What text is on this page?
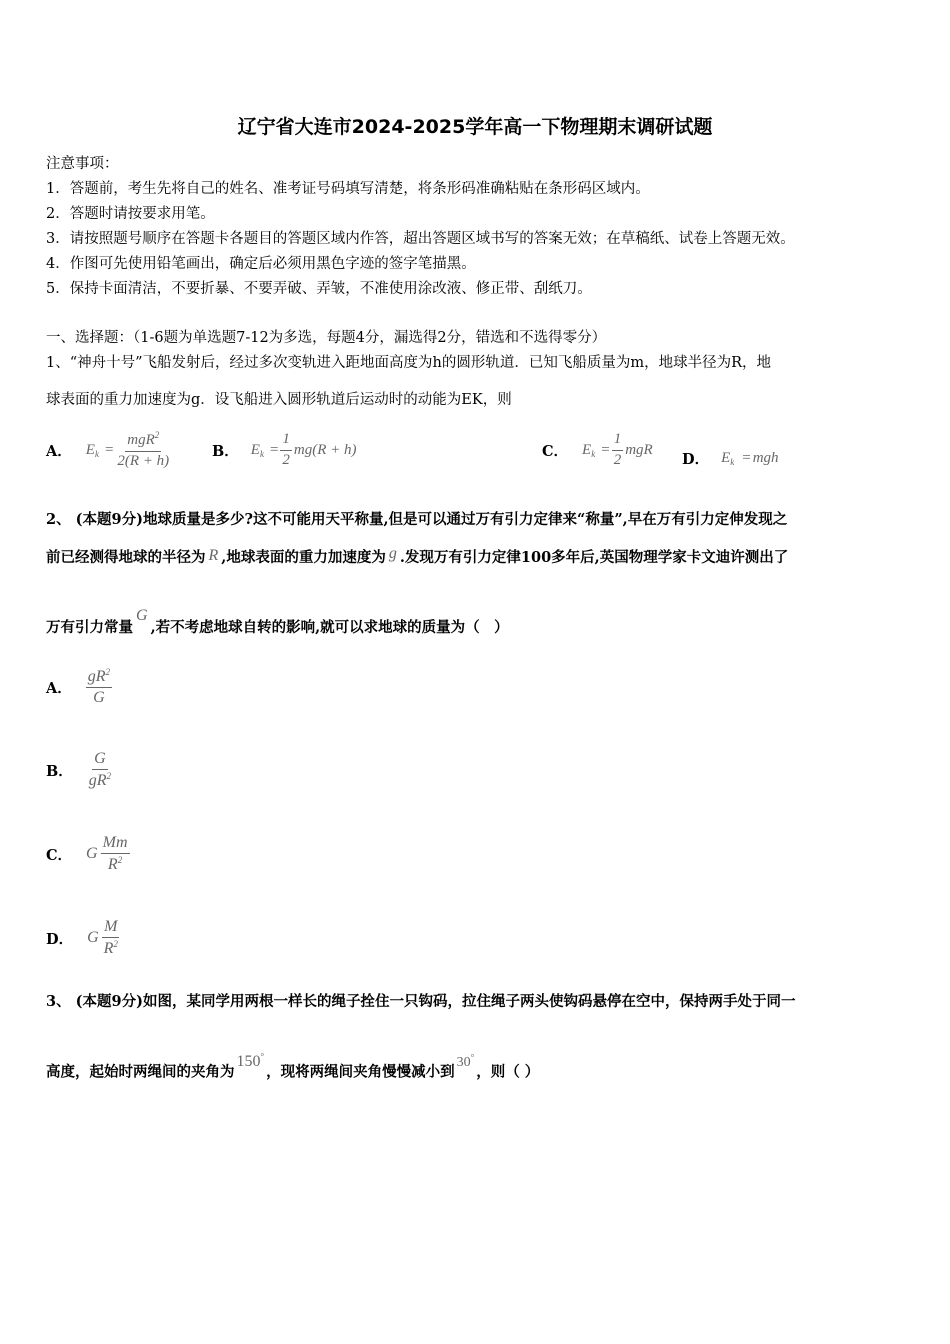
辽宁省大连市2024-2025学年高一下物理期末调研试题
注意事项：
1．答题前，考生先将自己的姓名、准考证号码填写清楚，将条形码准确粘贴在条形码区域内。
2．答题时请按要求用笔。
3．请按照题号顺序在答题卡各题目的答题区域内作答，超出答题区域书写的答案无效；在草稿纸、试卷上答题无效。
4．作图可先使用铅笔画出，确定后必须用黑色字迹的签字笔描黑。
5．保持卡面清洁，不要折暴、不要弄破、弄皱，不准使用涂改液、修正带、刮纸刀。
一、选择题：（1-6题为单选题7-12为多选，每题4分，漏选得2分，错选和不选得零分）
1、“神舟十号”飞船发射后，经过多次变轨进入距地面高度为h的圆形轨道．已知飞船质量为m，地球半径为R，地
球表面的重力加速度为g．设飞船进入圆形轨道后运动时的动能为EK，则
A． $E_k = \frac{mgR^2}{2(R + h)}$	B． $E_k = \frac{1}{2} mg(R + h)$	C． $E_k = \frac{1}{2}$ mgR
D． $E_k$ = mgh
2、 (本题9分)地球质量是多少?这不可能用天平称量,但是可以通过万有引力定律来“称量”,早在万有引力定伸发现之
前已经测得地球的半径为 R ,地球表面的重力加速度为 g .发现万有引力定律100多年后,英国物理学家卡文迪许测出了
万有引力常量G,若不考虑地球自转的影响,就可以求地球的质量为（　）
A． $\frac{gR^2}{G}$
B． $\frac{G}{gR^2}$
C． G $\frac{Mm}{R^2}$
D． G $\frac{M}{R^2}$
3、 (本题9分)如图，某同学用两根一样长的绳子拴住一只钩码，拉住绳子两头使钩码悬停在空中，保持两手处于同一
高度，起始时两绳间的夹角为150°，现将两绳间夹角慢慢减小到30°，则（ ）
